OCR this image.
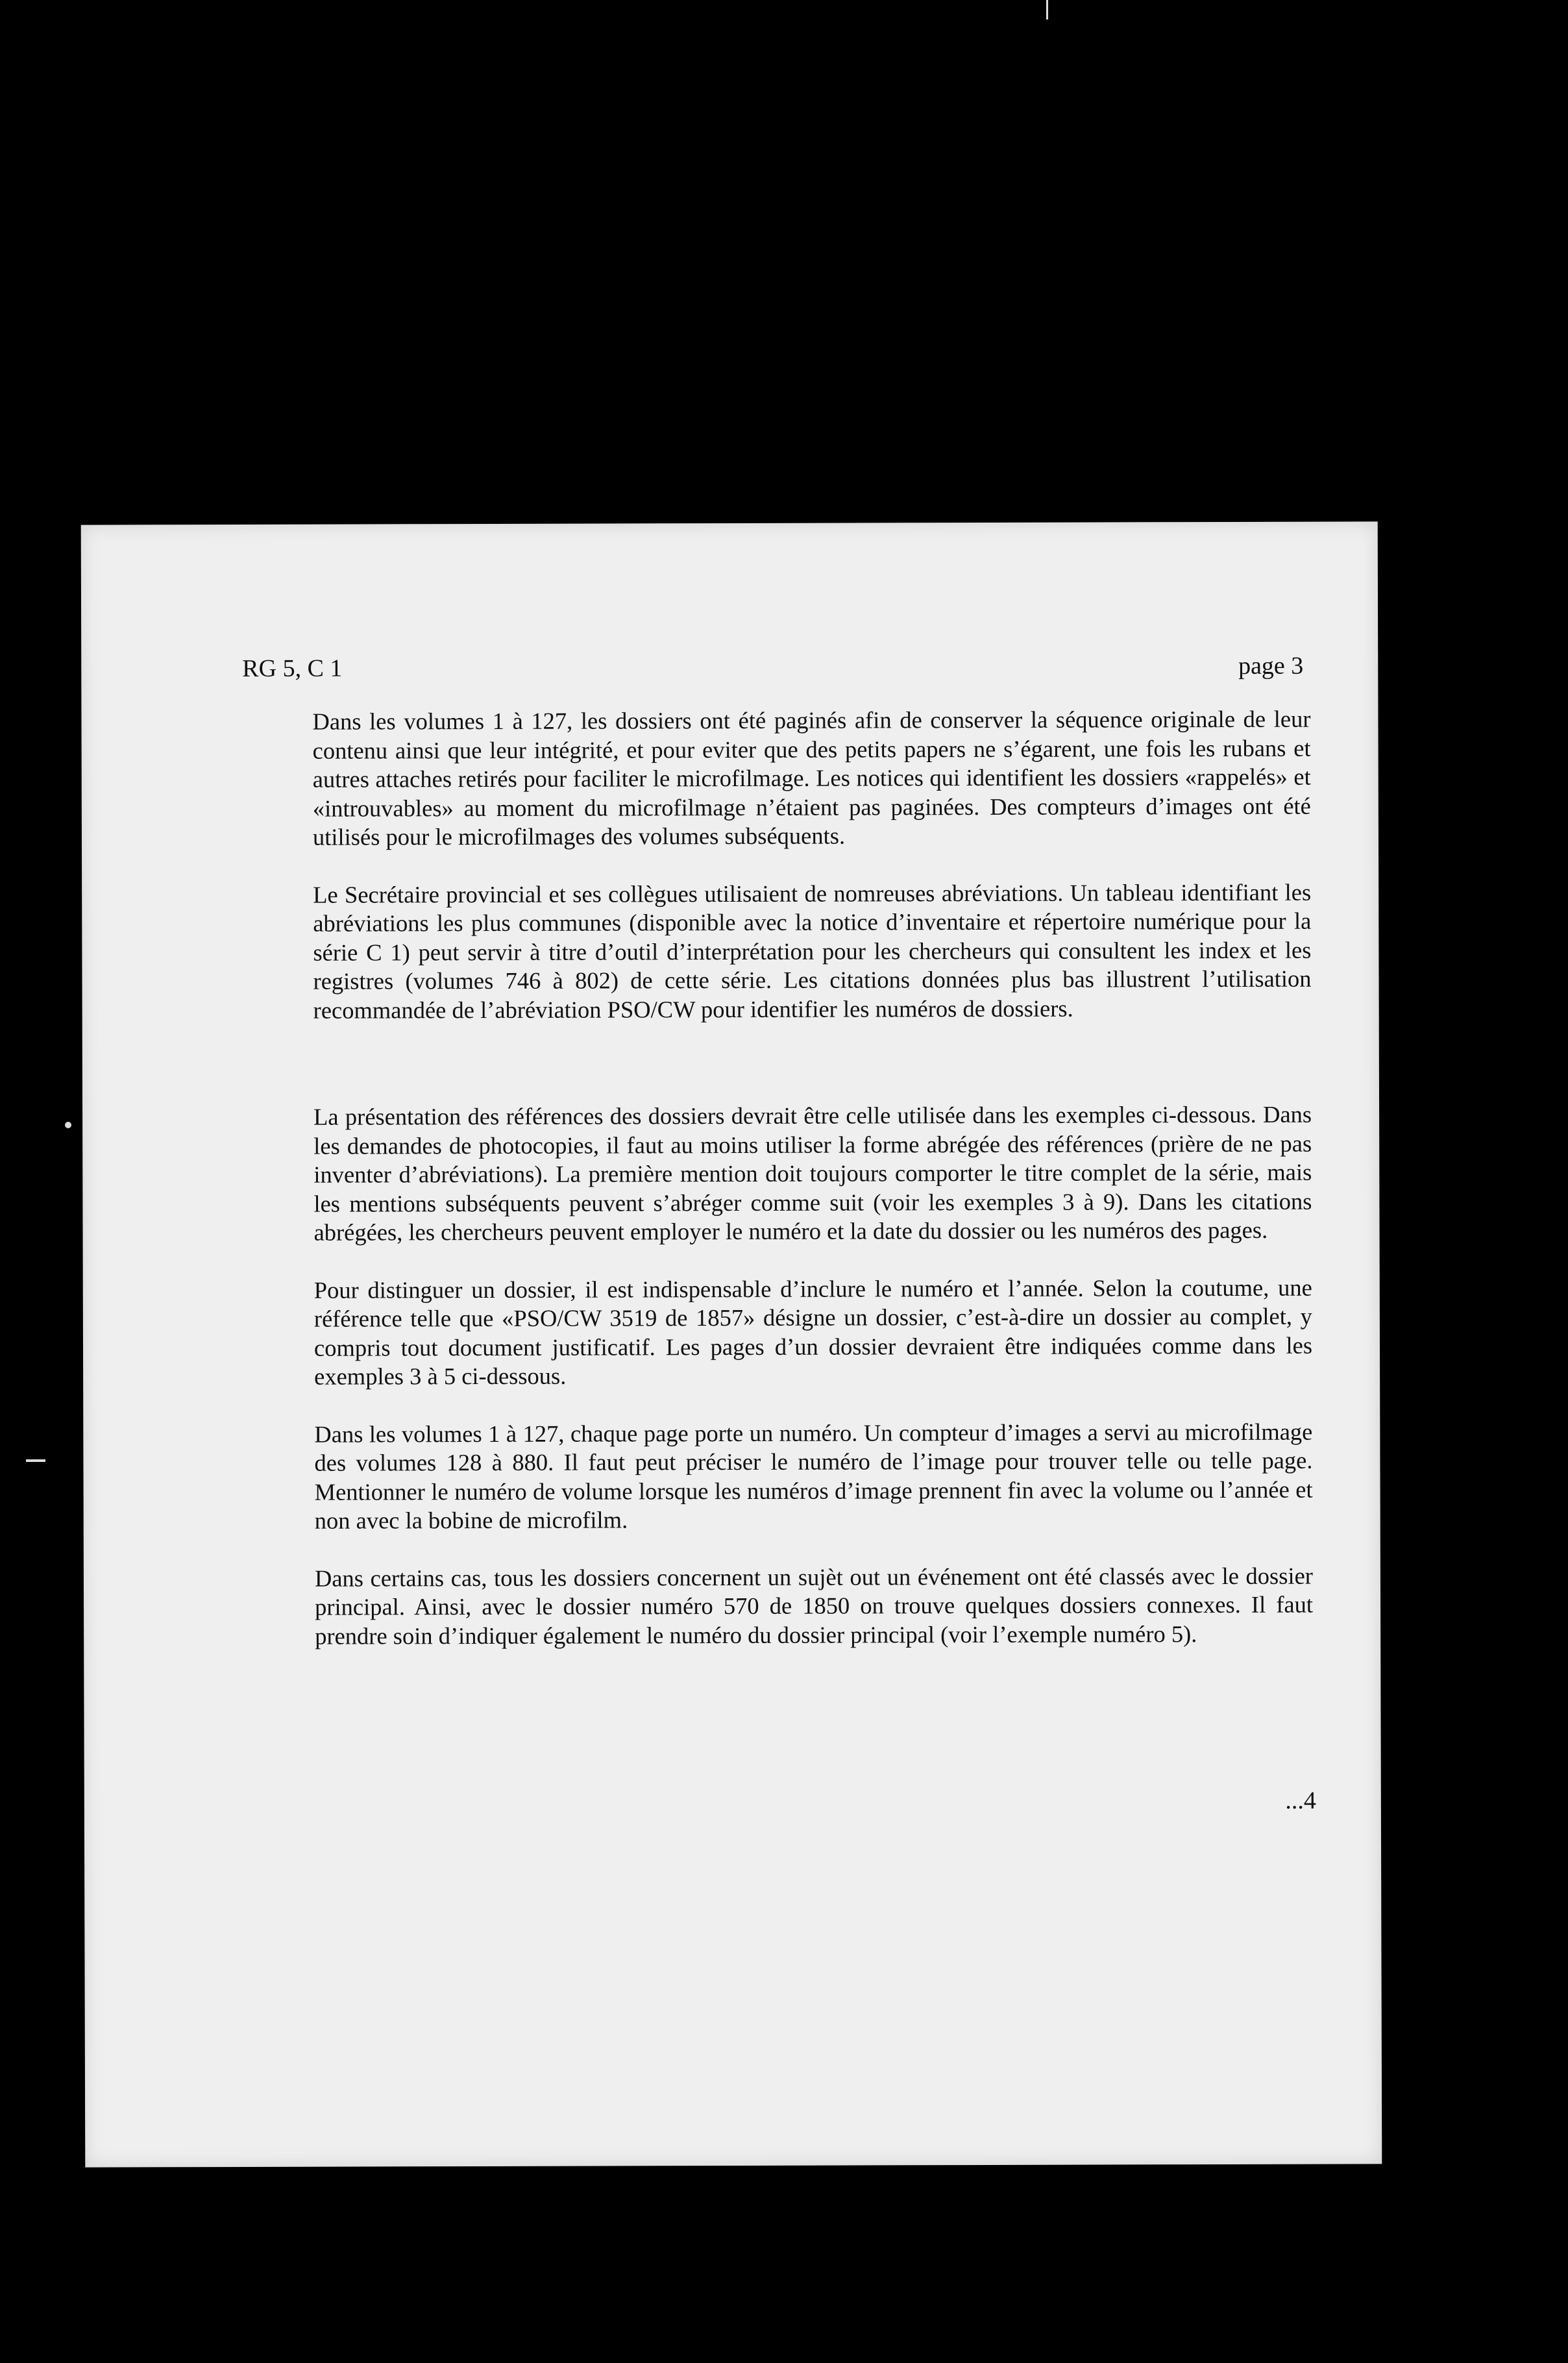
RG 5, C 1	page 3

Dans les volumes 1 à 127, les dossiers ont été paginés afin de conserver la séquence originale de leur contenu ainsi que leur intégrité, et pour eviter que des petits papers ne s’égarent, une fois les rubans et autres attaches retirés pour faciliter le microfilmage. Les notices qui identifient les dossiers «rappelés» et «introuvables» au moment du microfilmage n’étaient pas paginées. Des compteurs d’images ont été utilisés pour le microfilmages des volumes subséquents.

Le Secrétaire provincial et ses collègues utilisaient de nomreuses abréviations. Un tableau identifiant les abréviations les plus communes (disponible avec la notice d’inventaire et répertoire numérique pour la série C 1) peut servir à titre d’outil d’interprétation pour les chercheurs qui consultent les index et les registres (volumes 746 à 802) de cette série. Les citations données plus bas illustrent l’utilisation recommandée de l’abréviation PSO/CW pour identifier les numéros de dossiers.

La présentation des références des dossiers devrait être celle utilisée dans les exemples ci-dessous. Dans les demandes de photocopies, il faut au moins utiliser la forme abrégée des références (prière de ne pas inventer d’abréviations). La première mention doit toujours comporter le titre complet de la série, mais les mentions subséquents peuvent s’abréger comme suit (voir les exemples 3 à 9). Dans les citations abrégées, les chercheurs peuvent employer le numéro et la date du dossier ou les numéros des pages.

Pour distinguer un dossier, il est indispensable d’inclure le numéro et l’année. Selon la coutume, une référence telle que «PSO/CW 3519 de 1857» désigne un dossier, c’est-à-dire un dossier au complet, y compris tout document justificatif. Les pages d’un dossier devraient être indiquées comme dans les exemples 3 à 5 ci-dessous.

Dans les volumes 1 à 127, chaque page porte un numéro. Un compteur d’images a servi au microfilmage des volumes 128 à 880. Il faut peut préciser le numéro de l’image pour trouver telle ou telle page. Mentionner le numéro de volume lorsque les numéros d’image prennent fin avec la volume ou l’année et non avec la bobine de microfilm.

Dans certains cas, tous les dossiers concernent un sujèt out un événement ont été classés avec le dossier principal. Ainsi, avec le dossier numéro 570 de 1850 on trouve quelques dossiers connexes. Il faut prendre soin d’indiquer également le numéro du dossier principal (voir l’exemple numéro 5).

...4
